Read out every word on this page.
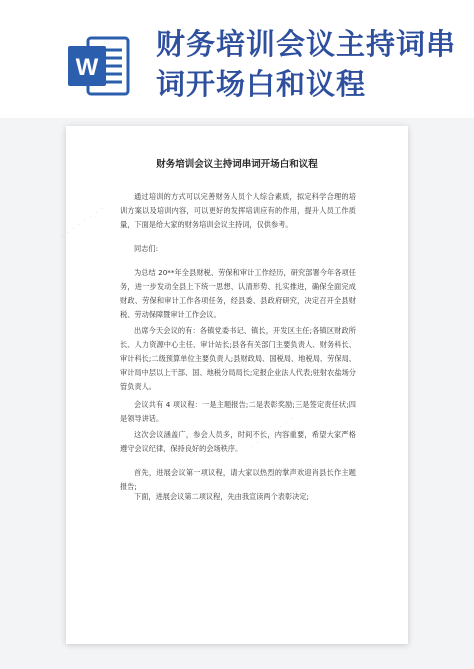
W
财务培训会议主持词串词开场白和议程
· · · · · · · ·
· · · · · · · ·
财务培训会议主持词串词开场白和议程
通过培训的方式可以完善财务人员个人综合素质，拟定科学合理的培训方案以及培训内容，可以更好的发挥培训应有的作用，提升人员工作质量，下面是给大家的财务培训会议主持词，仅供参考。
同志们:
为总结 20**年全县财税、劳保和审计工作经历，研究部署今年各项任务，进一步发动全县上下统一思想、认清形势、扎实推进，确保全面完成财政、劳保和审计工作各项任务，经县委、县政府研究，决定召开全县财税、劳动保障暨审计工作会议。
出席今天会议的有：各镇党委书记、镇长，开发区主任;各镇区财政所长、人力资源中心主任、审计站长;县各有关部门主要负责人、财务科长、审计科长;二级预算单位主要负责人;县财政局、国税局、地税局、劳保局、审计局中层以上干部、国、地税分局局长;定报企业法人代表;驻射农盐场分管负责人。
会议共有 4 项议程：一是主题报告;二是表彰奖励;三是签定责任状;四是领导讲话。
这次会议涵盖广，参会人员多，时间不长，内容重要，希望大家严格遵守会议纪律，保持良好的会场秩序。
首先，进展会议第一项议程，请大家以热烈的掌声欢迎肖县长作主题报告;
下面，进展会议第二项议程，先由我宣读两个表彰决定;
